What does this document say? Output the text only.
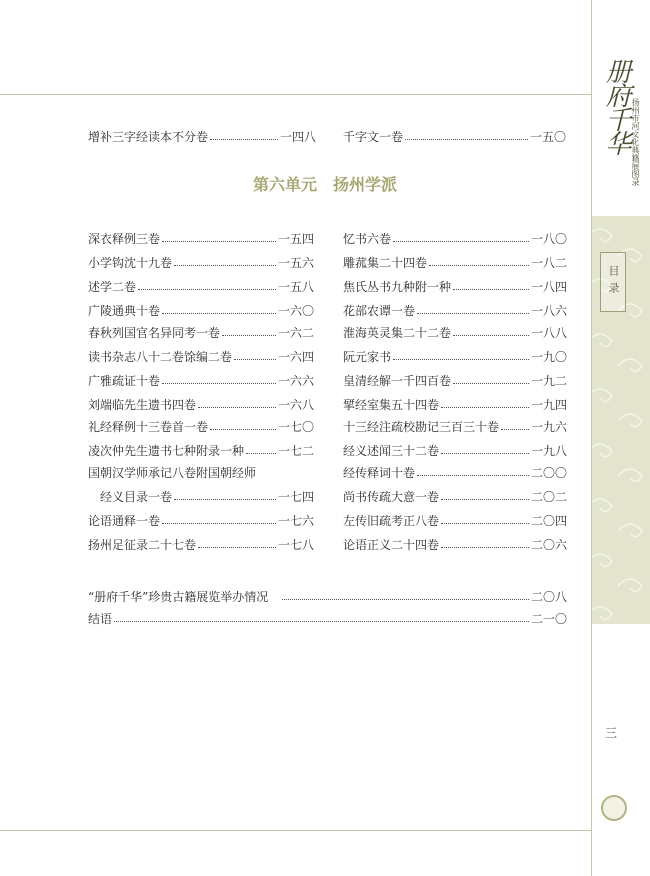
增补三字经读本不分卷	一四八 千字文一卷	一五〇
第六单元 扬州学派
深衣释例三卷	一五四
小学钩沈十九卷	一五六
述学二卷	一五八
广陵通典十卷	一六〇
春秋列国官名异同考一卷	一六二
读书杂志八十二卷馀编二卷	一六四
广雅疏证十卷	一六六
刘端临先生遗书四卷	一六八
礼经释例十三卷首一卷	一七〇
凌次仲先生遗书七种附录一种	一七二
国朝汉学师承记八卷附国朝经师
经义目录一卷	一七四
论语通释一卷	一七六
扬州足征录二十七卷	一七八
忆书六卷	一八〇
雕菰集二十四卷	一八二
焦氏丛书九种附一种	一八四
花部农谭一卷	一八六
淮海英灵集二十二卷	一八八
阮元家书	一九〇
皇清经解一千四百卷	一九二
揅经室集五十四卷	一九四
十三经注疏校勘记三百三十卷	一九六
经义述闻三十二卷	一九八
经传释词十卷	二〇〇
尚书传疏大意一卷	二〇二
左传旧疏考正八卷	二〇四
论语正义二十四卷	二〇六
“册府千华”珍贵古籍展览举办情况	二〇八
结语	二一〇
册府千华 扬州市河文化典籍展图录
目录
三
